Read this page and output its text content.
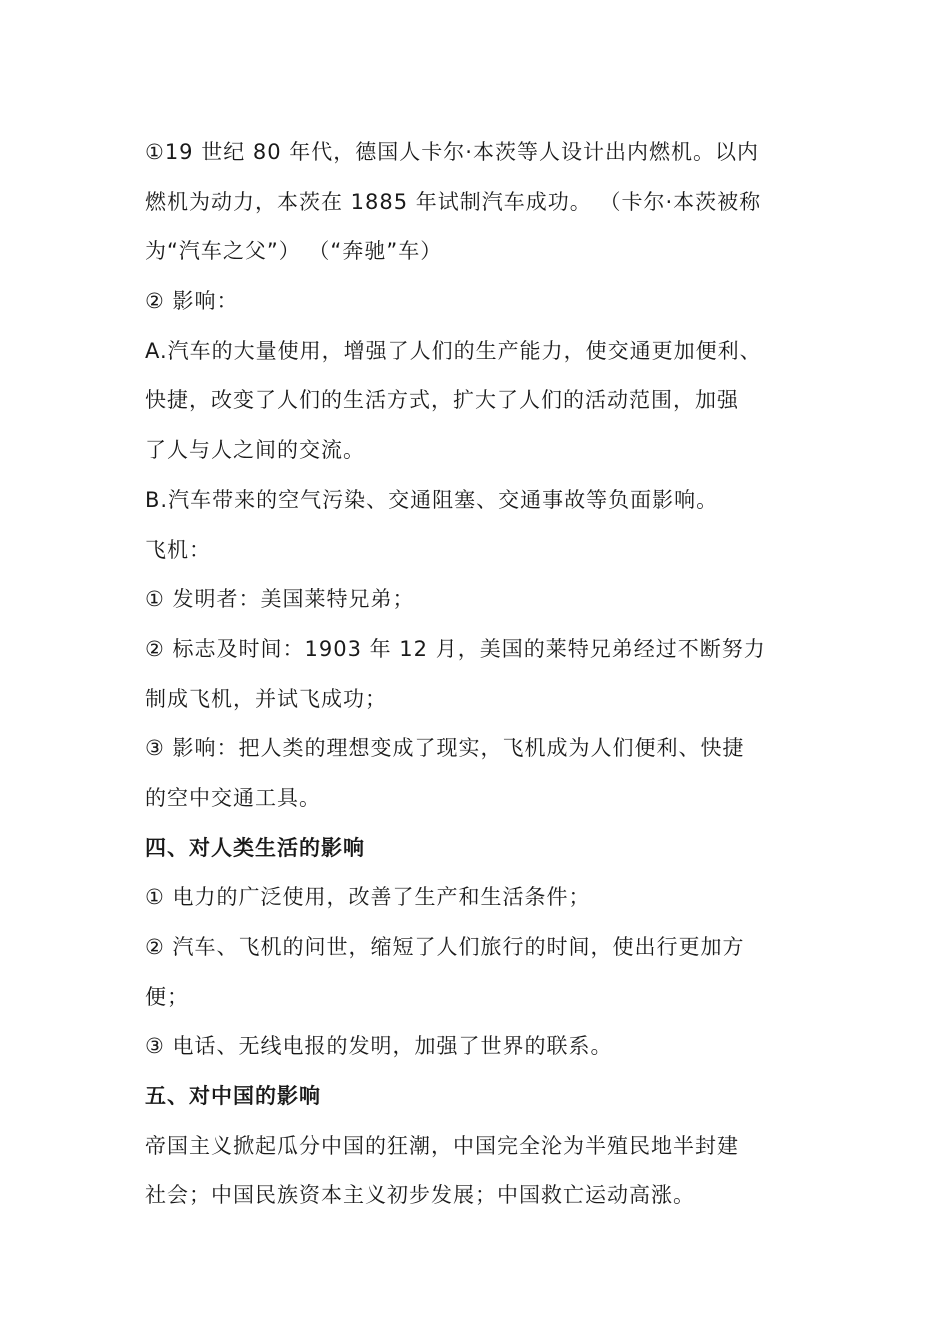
①19 世纪 80 年代，德国人卡尔·本茨等人设计出内燃机。以内
燃机为动力，本茨在 1885 年试制汽车成功。 （卡尔·本茨被称
为“汽车之父”） （“奔驰”车）
② 影响：
A.汽车的大量使用，增强了人们的生产能力，使交通更加便利、
快捷，改变了人们的生活方式，扩大了人们的活动范围，加强
了人与人之间的交流。
B.汽车带来的空气污染、交通阻塞、交通事故等负面影响。
飞机：
① 发明者：美国莱特兄弟；
② 标志及时间：1903 年 12 月，美国的莱特兄弟经过不断努力
制成飞机，并试飞成功；
③ 影响：把人类的理想变成了现实，飞机成为人们便利、快捷
的空中交通工具。
四、对人类生活的影响
① 电力的广泛使用，改善了生产和生活条件；
② 汽车、飞机的问世，缩短了人们旅行的时间，使出行更加方
便；
③ 电话、无线电报的发明，加强了世界的联系。
五、对中国的影响
帝国主义掀起瓜分中国的狂潮，中国完全沦为半殖民地半封建
社会；中国民族资本主义初步发展；中国救亡运动高涨。
